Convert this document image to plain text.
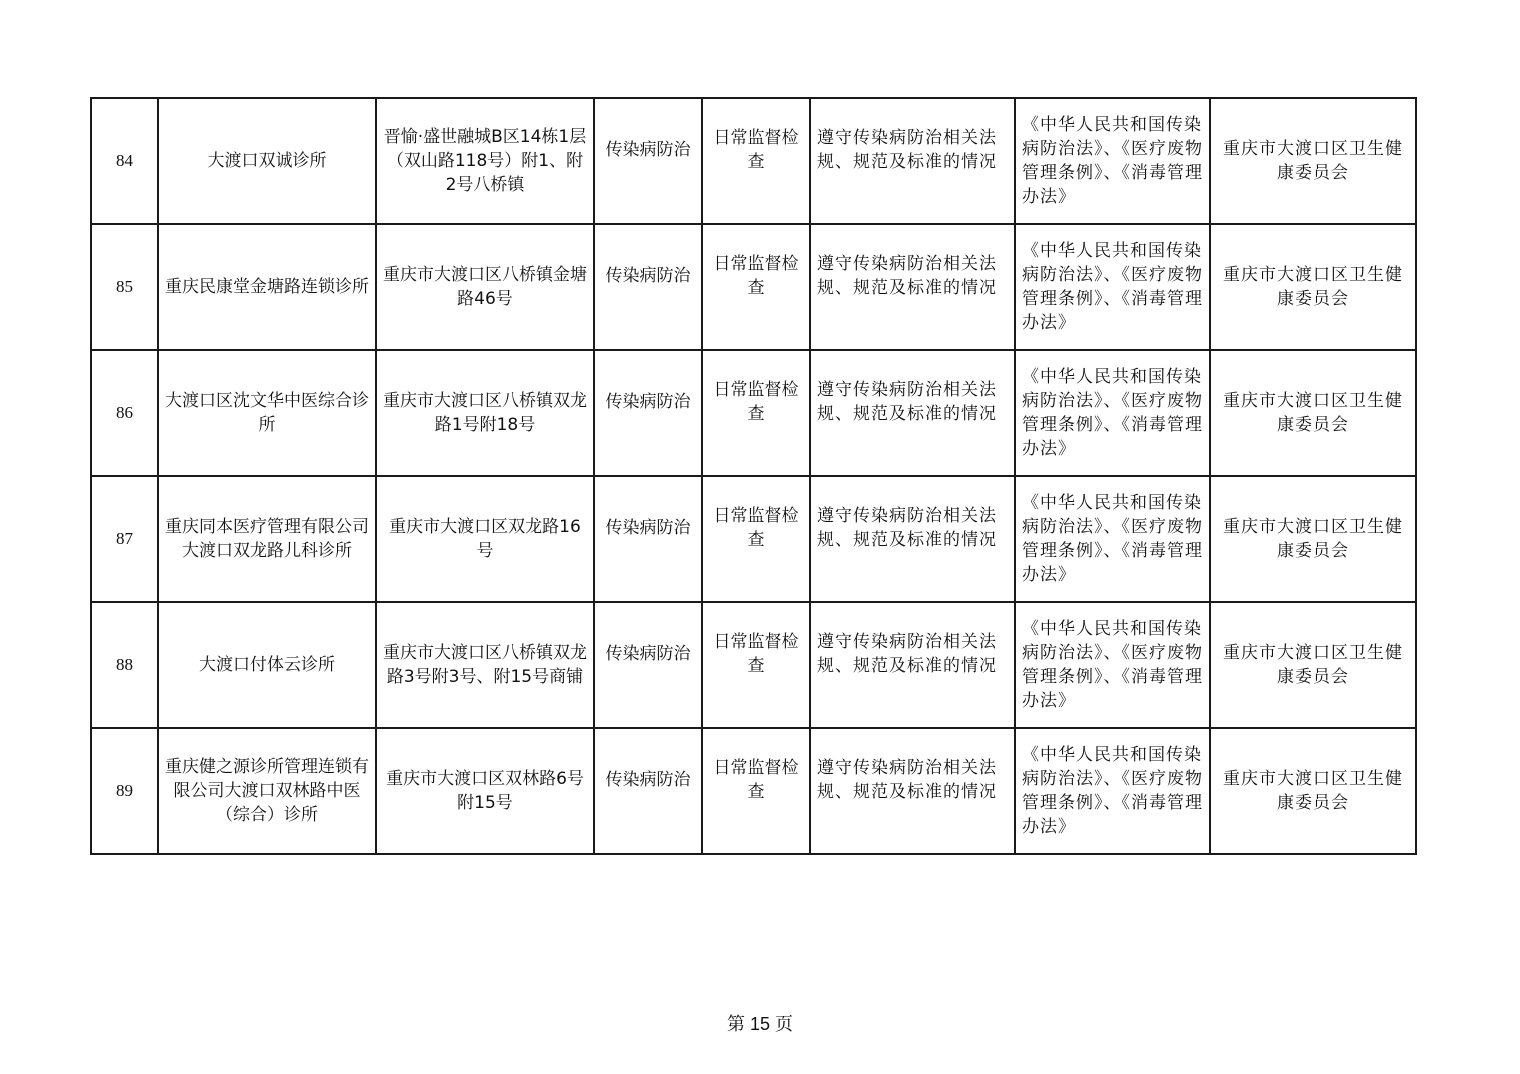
84	大渡口双诚诊所	晋愉·盛世融城B区14栋1层（双山路118号）附1、附2号八桥镇	传染病防治	日常监督检查	遵守传染病防治相关法规、规范及标准的情况	《中华人民共和国传染病防治法》、《医疗废物管理条例》、《消毒管理办法》	重庆市大渡口区卫生健康委员会
85	重庆民康堂金塘路连锁诊所	重庆市大渡口区八桥镇金塘路46号	传染病防治	日常监督检查	遵守传染病防治相关法规、规范及标准的情况	《中华人民共和国传染病防治法》、《医疗废物管理条例》、《消毒管理办法》	重庆市大渡口区卫生健康委员会
86	大渡口区沈文华中医综合诊所	重庆市大渡口区八桥镇双龙路1号附18号	传染病防治	日常监督检查	遵守传染病防治相关法规、规范及标准的情况	《中华人民共和国传染病防治法》、《医疗废物管理条例》、《消毒管理办法》	重庆市大渡口区卫生健康委员会
87	重庆同本医疗管理有限公司大渡口双龙路儿科诊所	重庆市大渡口区双龙路16号	传染病防治	日常监督检查	遵守传染病防治相关法规、规范及标准的情况	《中华人民共和国传染病防治法》、《医疗废物管理条例》、《消毒管理办法》	重庆市大渡口区卫生健康委员会
88	大渡口付体云诊所	重庆市大渡口区八桥镇双龙路3号附3号、附15号商铺	传染病防治	日常监督检查	遵守传染病防治相关法规、规范及标准的情况	《中华人民共和国传染病防治法》、《医疗废物管理条例》、《消毒管理办法》	重庆市大渡口区卫生健康委员会
89	重庆健之源诊所管理连锁有限公司大渡口双林路中医（综合）诊所	重庆市大渡口区双林路6号附15号	传染病防治	日常监督检查	遵守传染病防治相关法规、规范及标准的情况	《中华人民共和国传染病防治法》、《医疗废物管理条例》、《消毒管理办法》	重庆市大渡口区卫生健康委员会
第 15 页
